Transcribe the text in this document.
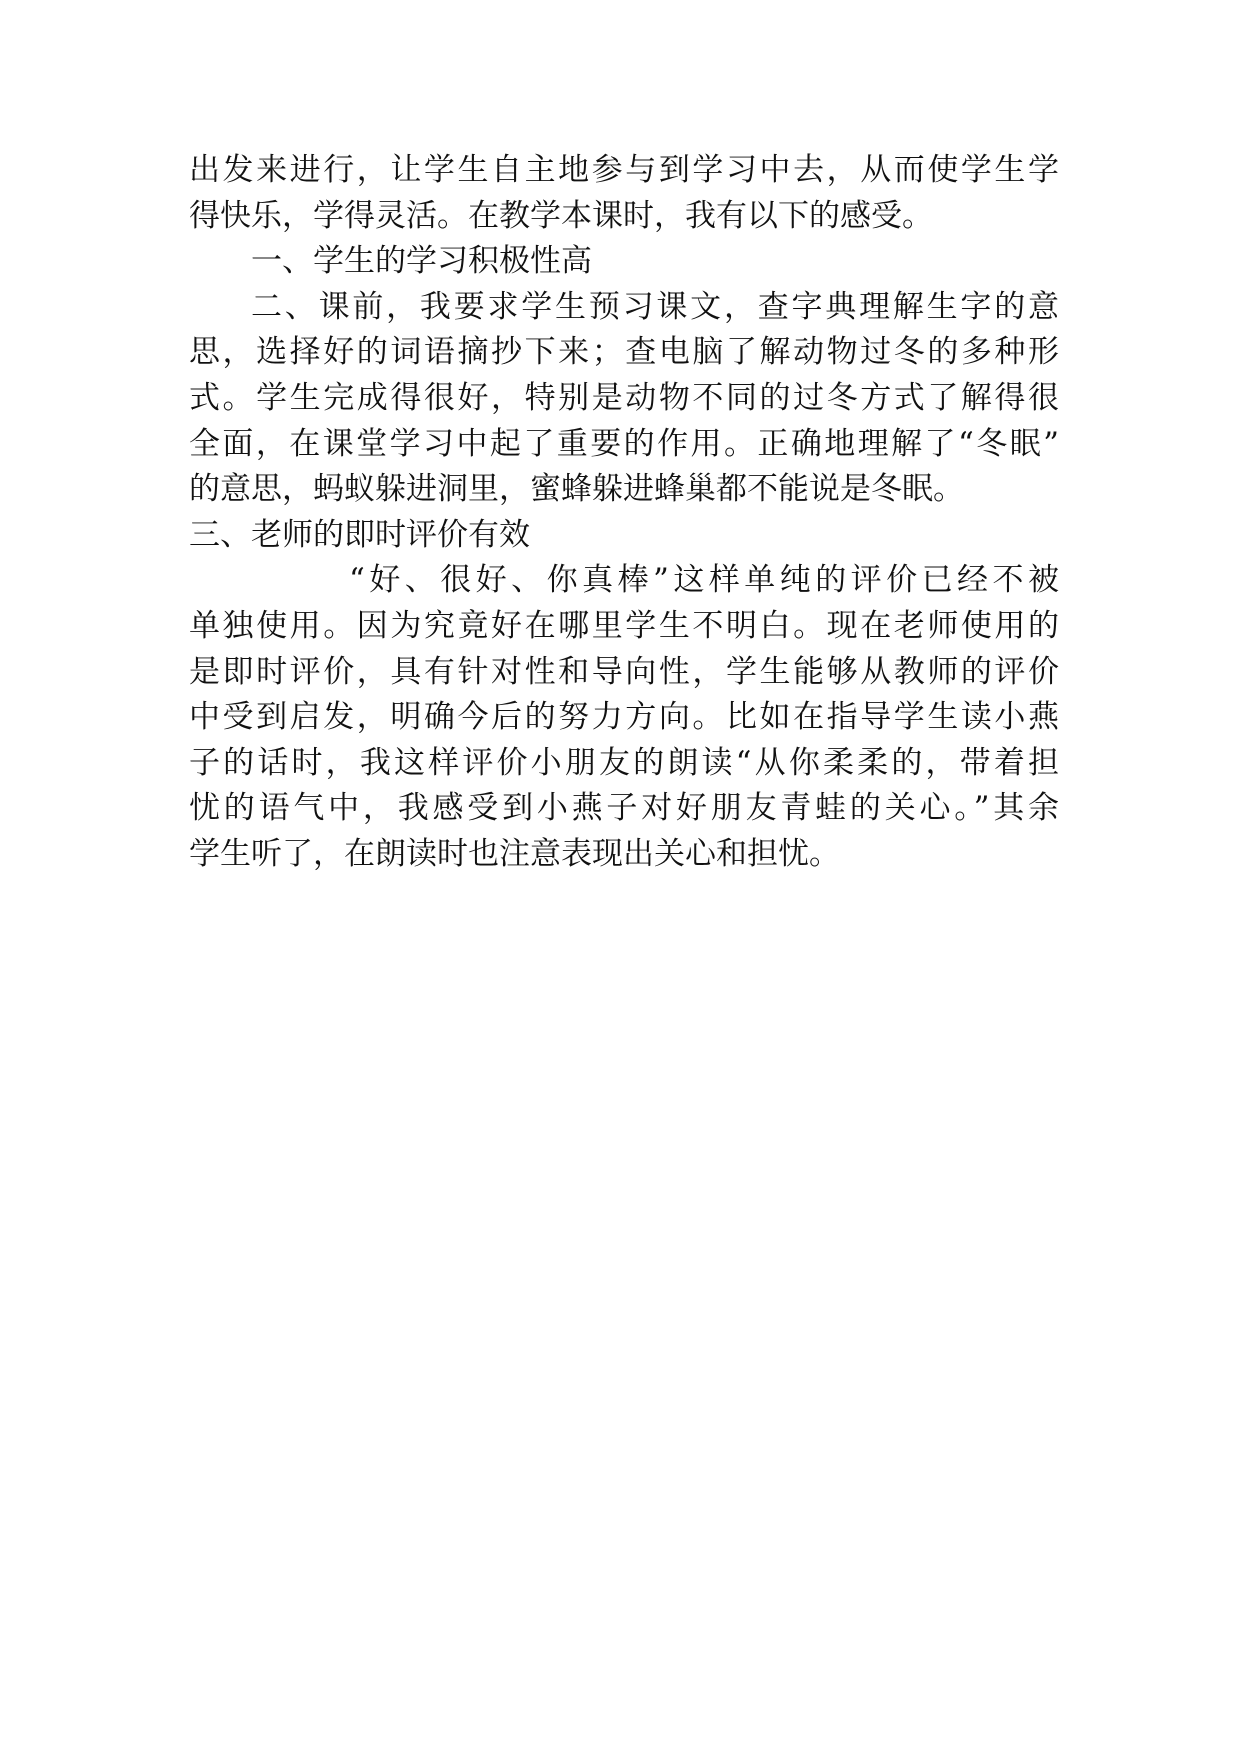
出发来进行，让学生自主地参与到学习中去，从而使学生学
得快乐，学得灵活。在教学本课时，我有以下的感受。
一、学生的学习积极性高
二、课前，我要求学生预习课文，查字典理解生字的意
思，选择好的词语摘抄下来；查电脑了解动物过冬的多种形
式。学生完成得很好，特别是动物不同的过冬方式了解得很
全面，在课堂学习中起了重要的作用。正确地理解了“冬眠”
的意思，蚂蚁躲进洞里，蜜蜂躲进蜂巢都不能说是冬眠。
三、老师的即时评价有效
“好、很好、你真棒”这样单纯的评价已经不被
单独使用。因为究竟好在哪里学生不明白。现在老师使用的
是即时评价，具有针对性和导向性，学生能够从教师的评价
中受到启发，明确今后的努力方向。比如在指导学生读小燕
子的话时，我这样评价小朋友的朗读“从你柔柔的，带着担
忧的语气中，我感受到小燕子对好朋友青蛙的关心。”其余
学生听了，在朗读时也注意表现出关心和担忧。
